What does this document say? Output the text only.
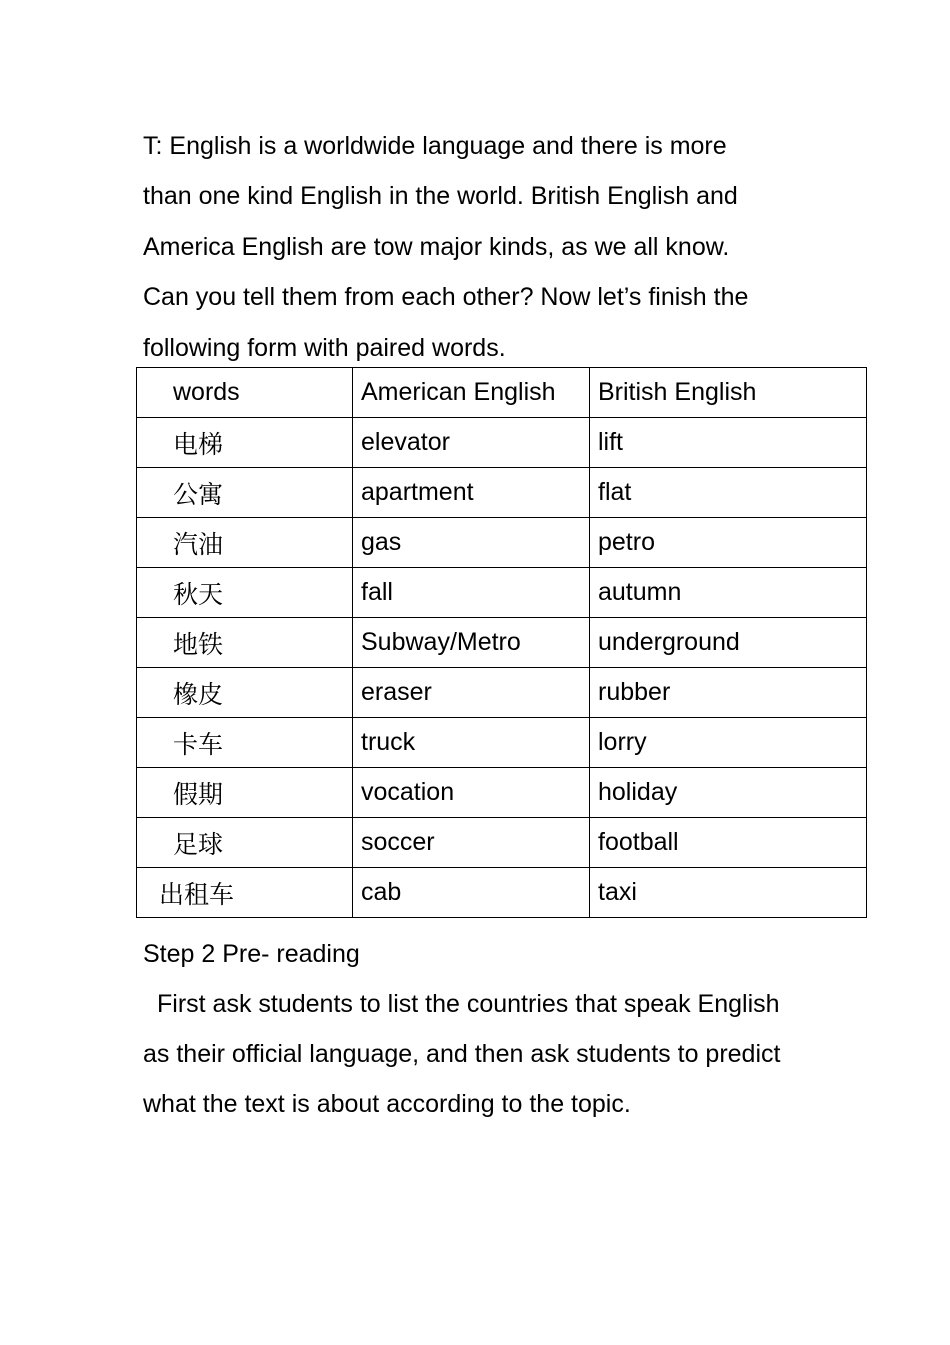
T: English is a worldwide language and there is more
than one kind English in the world. British English and
America English are tow major kinds, as we all know.
Can you tell them from each other? Now let’s finish the
following form with paired words.
words	American English	British English
电梯	elevator	lift
公寓	apartment	flat
汽油	gas	petro
秋天	fall	autumn
地铁	Subway/Metro	underground
橡皮	eraser	rubber
卡车	truck	lorry
假期	vocation	holiday
足球	soccer	football
出租车	cab	taxi
Step 2 Pre- reading
First ask students to list the countries that speak English
as their official language, and then ask students to predict
what the text is about according to the topic.
